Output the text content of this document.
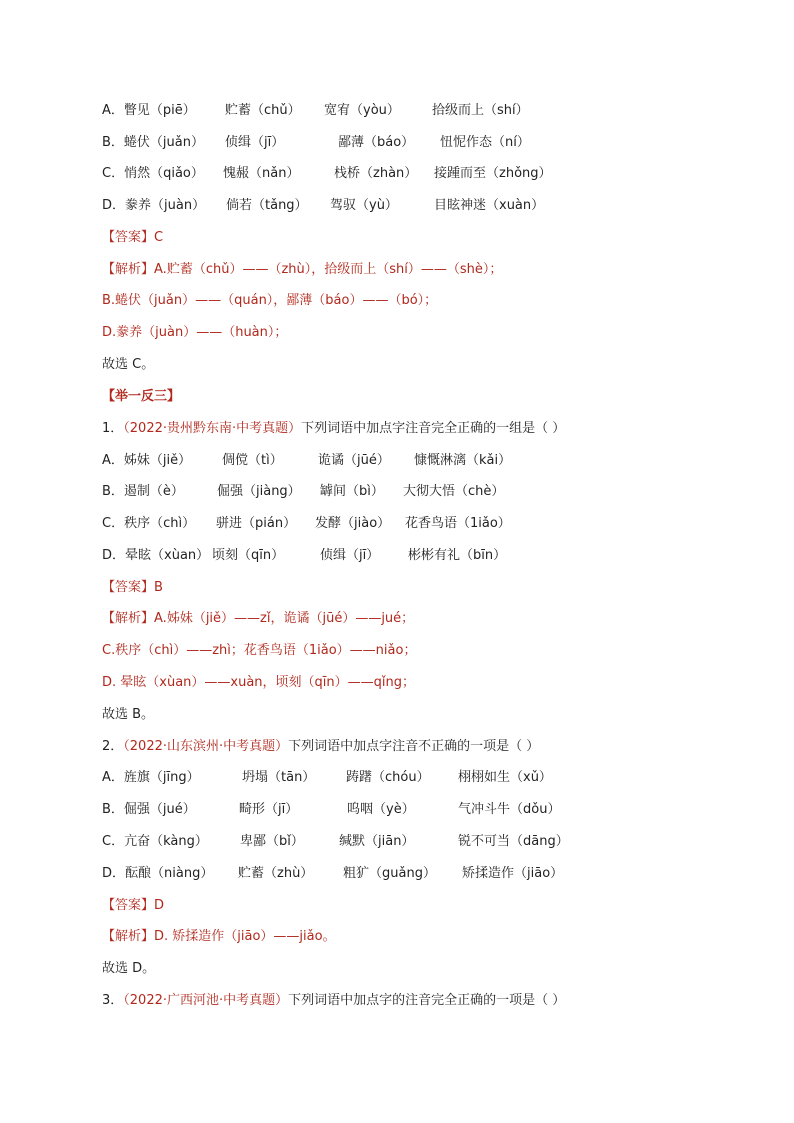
A．瞥见（piē） 贮蓄（chǔ） 宽宥（yòu） 拾级而上（shí）
B．蜷伏（juǎn） 侦缉（jī）	鄙薄（báo） 忸怩作态（ní）
C．悄然（qiǎo） 愧赧（nǎn）	栈桥（zhàn） 接踵而至（zhǒng）
D．豢养（juàn） 倘若（tǎng） 驾驭（yù）	目眩神迷（xuàn）
【答案】C
【解析】A.贮蓄（chǔ）——（zhù），拾级而上（shí）——（shè）；
B.蜷伏（juǎn）——（quán），鄙薄（báo）——（bó）；
D.豢养（juàn）——（huàn）；
故选 C。
【举一反三】
1．（2022·贵州黔东南·中考真题）下列词语中加点字注音完全正确的一组是（ ）
A．姊妹（jiě） 倜傥（tì）	诡谲（jūé） 慷慨淋漓（kǎi）
B．遏制（è）	倔强（jiàng） 罅间（bì） 大彻大悟（chè）
C．秩序（chì） 骈进（pián） 发酵（jiào） 花香鸟语（1iǎo）
D．晕眩（xùan） 顷刻（qīn）	侦缉（jī） 彬彬有礼（bīn）
【答案】B
【解析】A.姊妹（jiě）——zǐ，诡谲（jūé）——jué；
C.秩序（chì）——zhì；花香鸟语（1iǎo）——niǎo；
D. 晕眩（xùan）——xuàn，顷刻（qīn）——qǐng；
故选 B。
2．（2022·山东滨州·中考真题）下列词语中加点字注音不正确的一项是（ ）
A．旌旗（jīng）	坍塌（tān） 踌躇（chóu） 栩栩如生（xǔ）
B．倔强（jué）	畸形（jī）	呜咽（yè）	气冲斗牛（dǒu）
C．亢奋（kàng） 卑鄙（bǐ）	缄默（jiān）	锐不可当（dāng）
D．酝酿（niàng） 贮蓄（zhù） 粗犷（guǎng） 矫揉造作（jiāo）
【答案】D
【解析】D. 矫揉造作（jiāo）——jiǎo。
故选 D。
3．（2022·广西河池·中考真题）下列词语中加点字的注音完全正确的一项是（ ）
